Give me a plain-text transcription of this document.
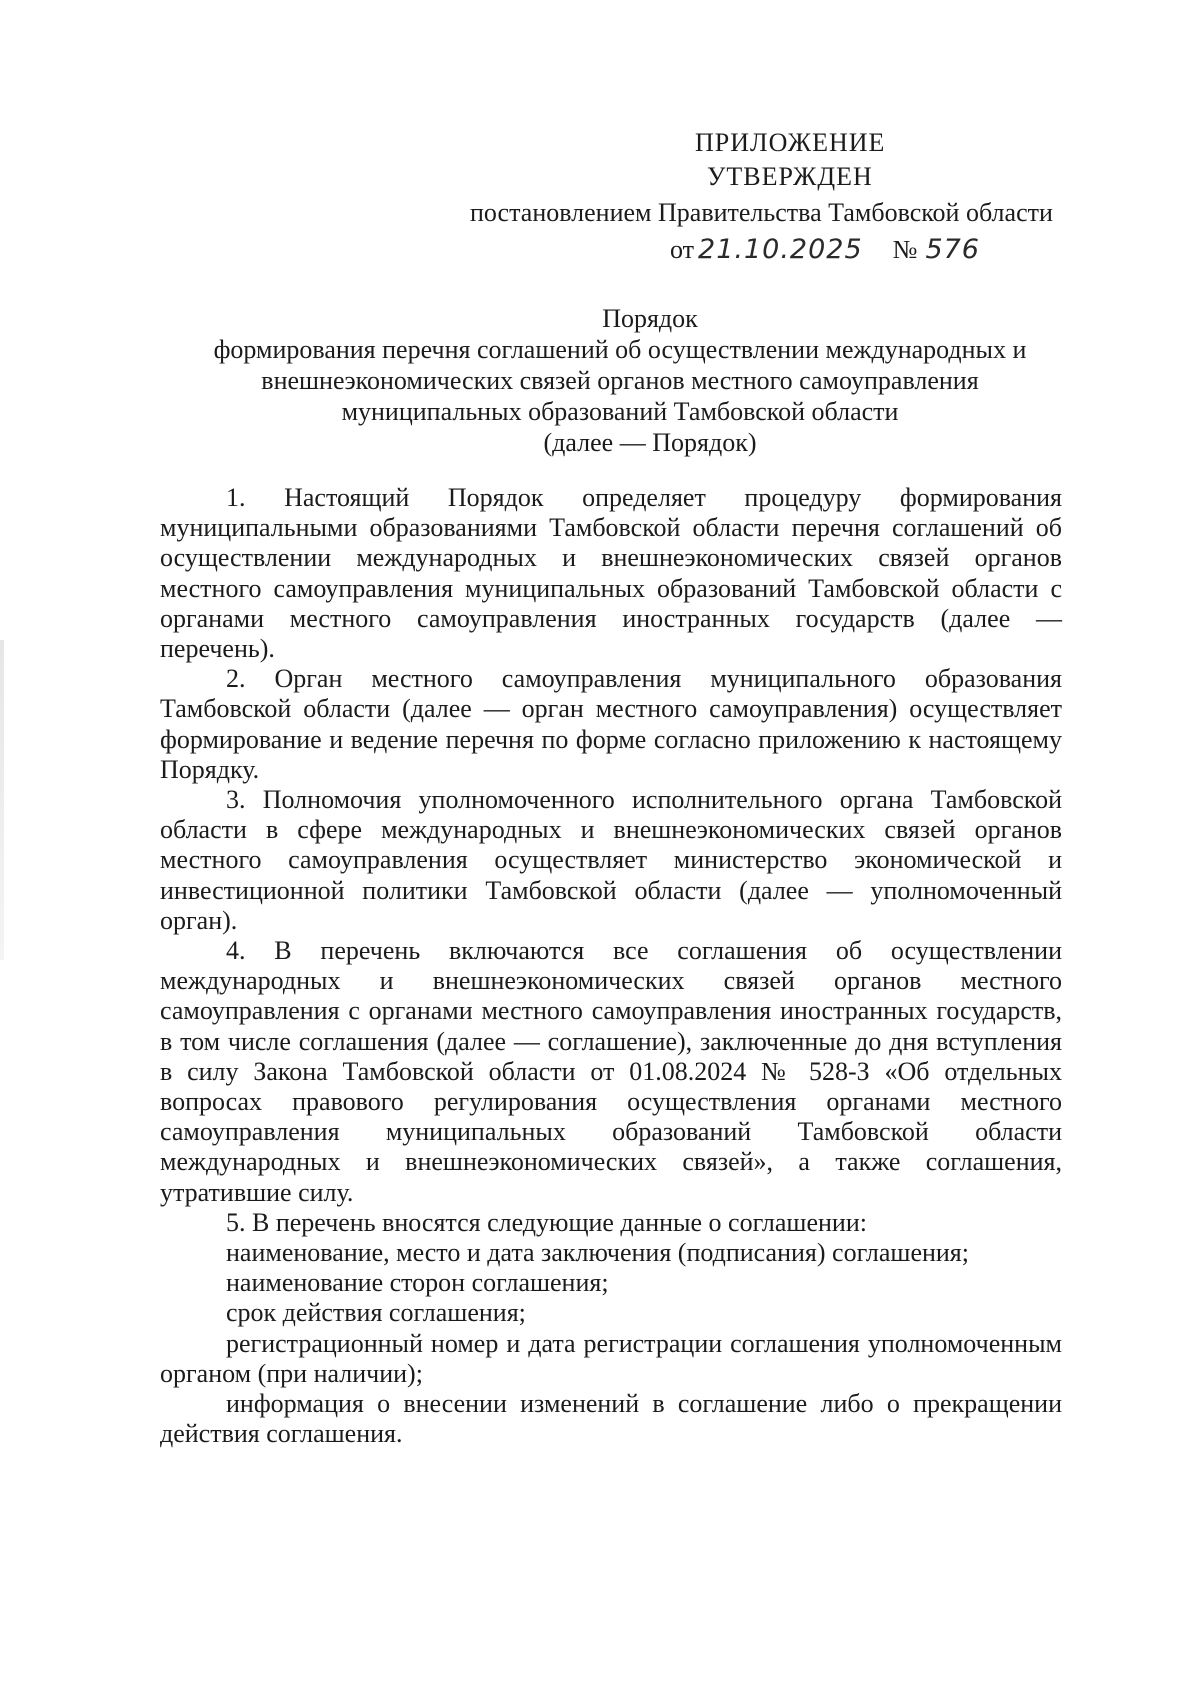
ПРИЛОЖЕНИЕ
УТВЕРЖДЕН
постановлением Правительства Тамбовской области
от 21.10.2025 № 576
Порядок
формирования перечня соглашений об осуществлении международных и
внешнеэкономических связей органов местного самоуправления
муниципальных образований Тамбовской области
(далее — Порядок)

1. Настоящий Порядок определяет процедуру формирования муниципальными образованиями Тамбовской области перечня соглашений об осуществлении международных и внешнеэкономических связей органов местного самоуправления муниципальных образований Тамбовской области с органами местного самоуправления иностранных государств (далее — перечень).

2. Орган местного самоуправления муниципального образования Тамбовской области (далее — орган местного самоуправления) осуществляет формирование и ведение перечня по форме согласно приложению к настоящему Порядку.

3. Полномочия уполномоченного исполнительного органа Тамбовской области в сфере международных и внешнеэкономических связей органов местного самоуправления осуществляет министерство экономической и инвестиционной политики Тамбовской области (далее — уполномоченный орган).

4. В перечень включаются все соглашения об осуществлении международных и внешнеэкономических связей органов местного самоуправления с органами местного самоуправления иностранных государств, в том числе соглашения (далее — соглашение), заключенные до дня вступления в силу Закона Тамбовской области от 01.08.2024 № 528-З «Об отдельных вопросах правового регулирования осуществления органами местного самоуправления муниципальных образований Тамбовской области международных и внешнеэкономических связей», а также соглашения, утратившие силу.

5. В перечень вносятся следующие данные о соглашении:

наименование, место и дата заключения (подписания) соглашения;

наименование сторон соглашения;

срок действия соглашения;

регистрационный номер и дата регистрации соглашения уполномоченным органом (при наличии);

информация о внесении изменений в соглашение либо о прекращении действия соглашения.
